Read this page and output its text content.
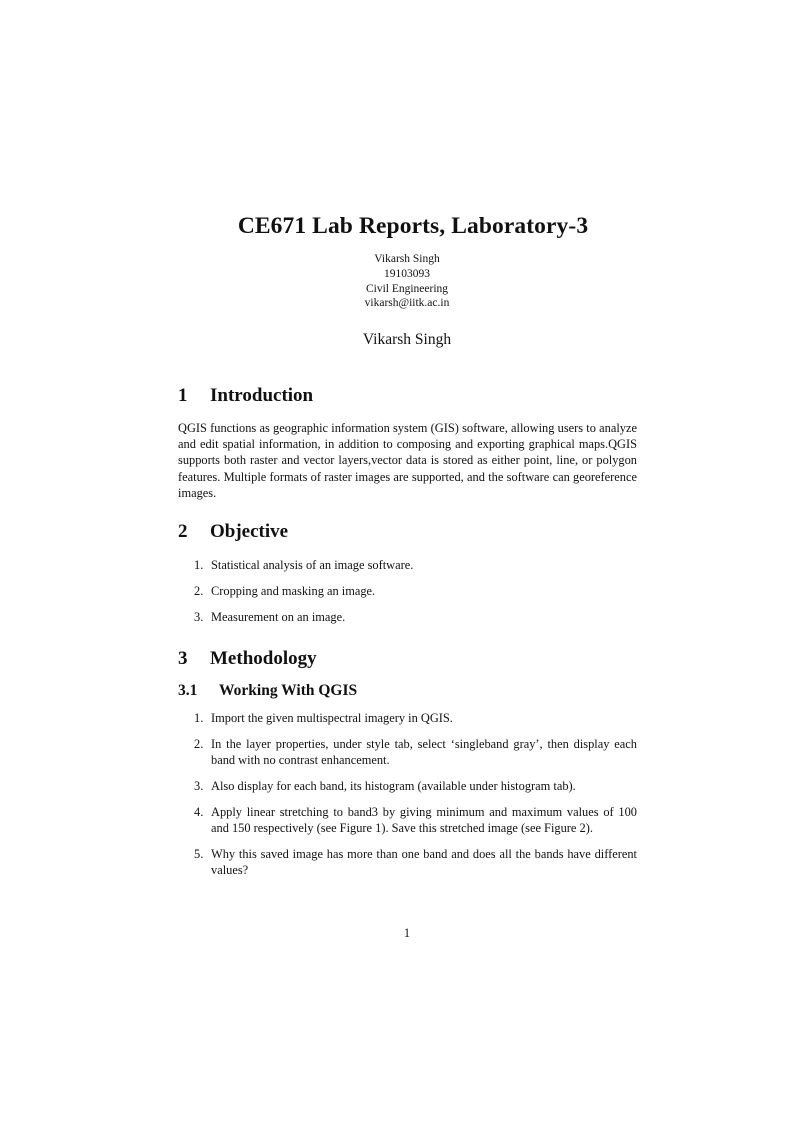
CE671 Lab Reports, Laboratory-3
Vikarsh Singh
19103093
Civil Engineering
vikarsh@iitk.ac.in
Vikarsh Singh
1 Introduction
QGIS functions as geographic information system (GIS) software, allowing users to analyze and edit spatial information, in addition to composing and exporting graphical maps.QGIS supports both raster and vector layers,vector data is stored as either point, line, or polygon features. Multiple formats of raster images are supported, and the software can georeference images.
2 Objective
1. Statistical analysis of an image software.
2. Cropping and masking an image.
3. Measurement on an image.
3 Methodology
3.1 Working With QGIS
1. Import the given multispectral imagery in QGIS.
2. In the layer properties, under style tab, select ‘singleband gray’, then display each band with no contrast enhancement.
3. Also display for each band, its histogram (available under histogram tab).
4. Apply linear stretching to band3 by giving minimum and maximum values of 100 and 150 respectively (see Figure 1). Save this stretched image (see Figure 2).
5. Why this saved image has more than one band and does all the bands have different values?
1
